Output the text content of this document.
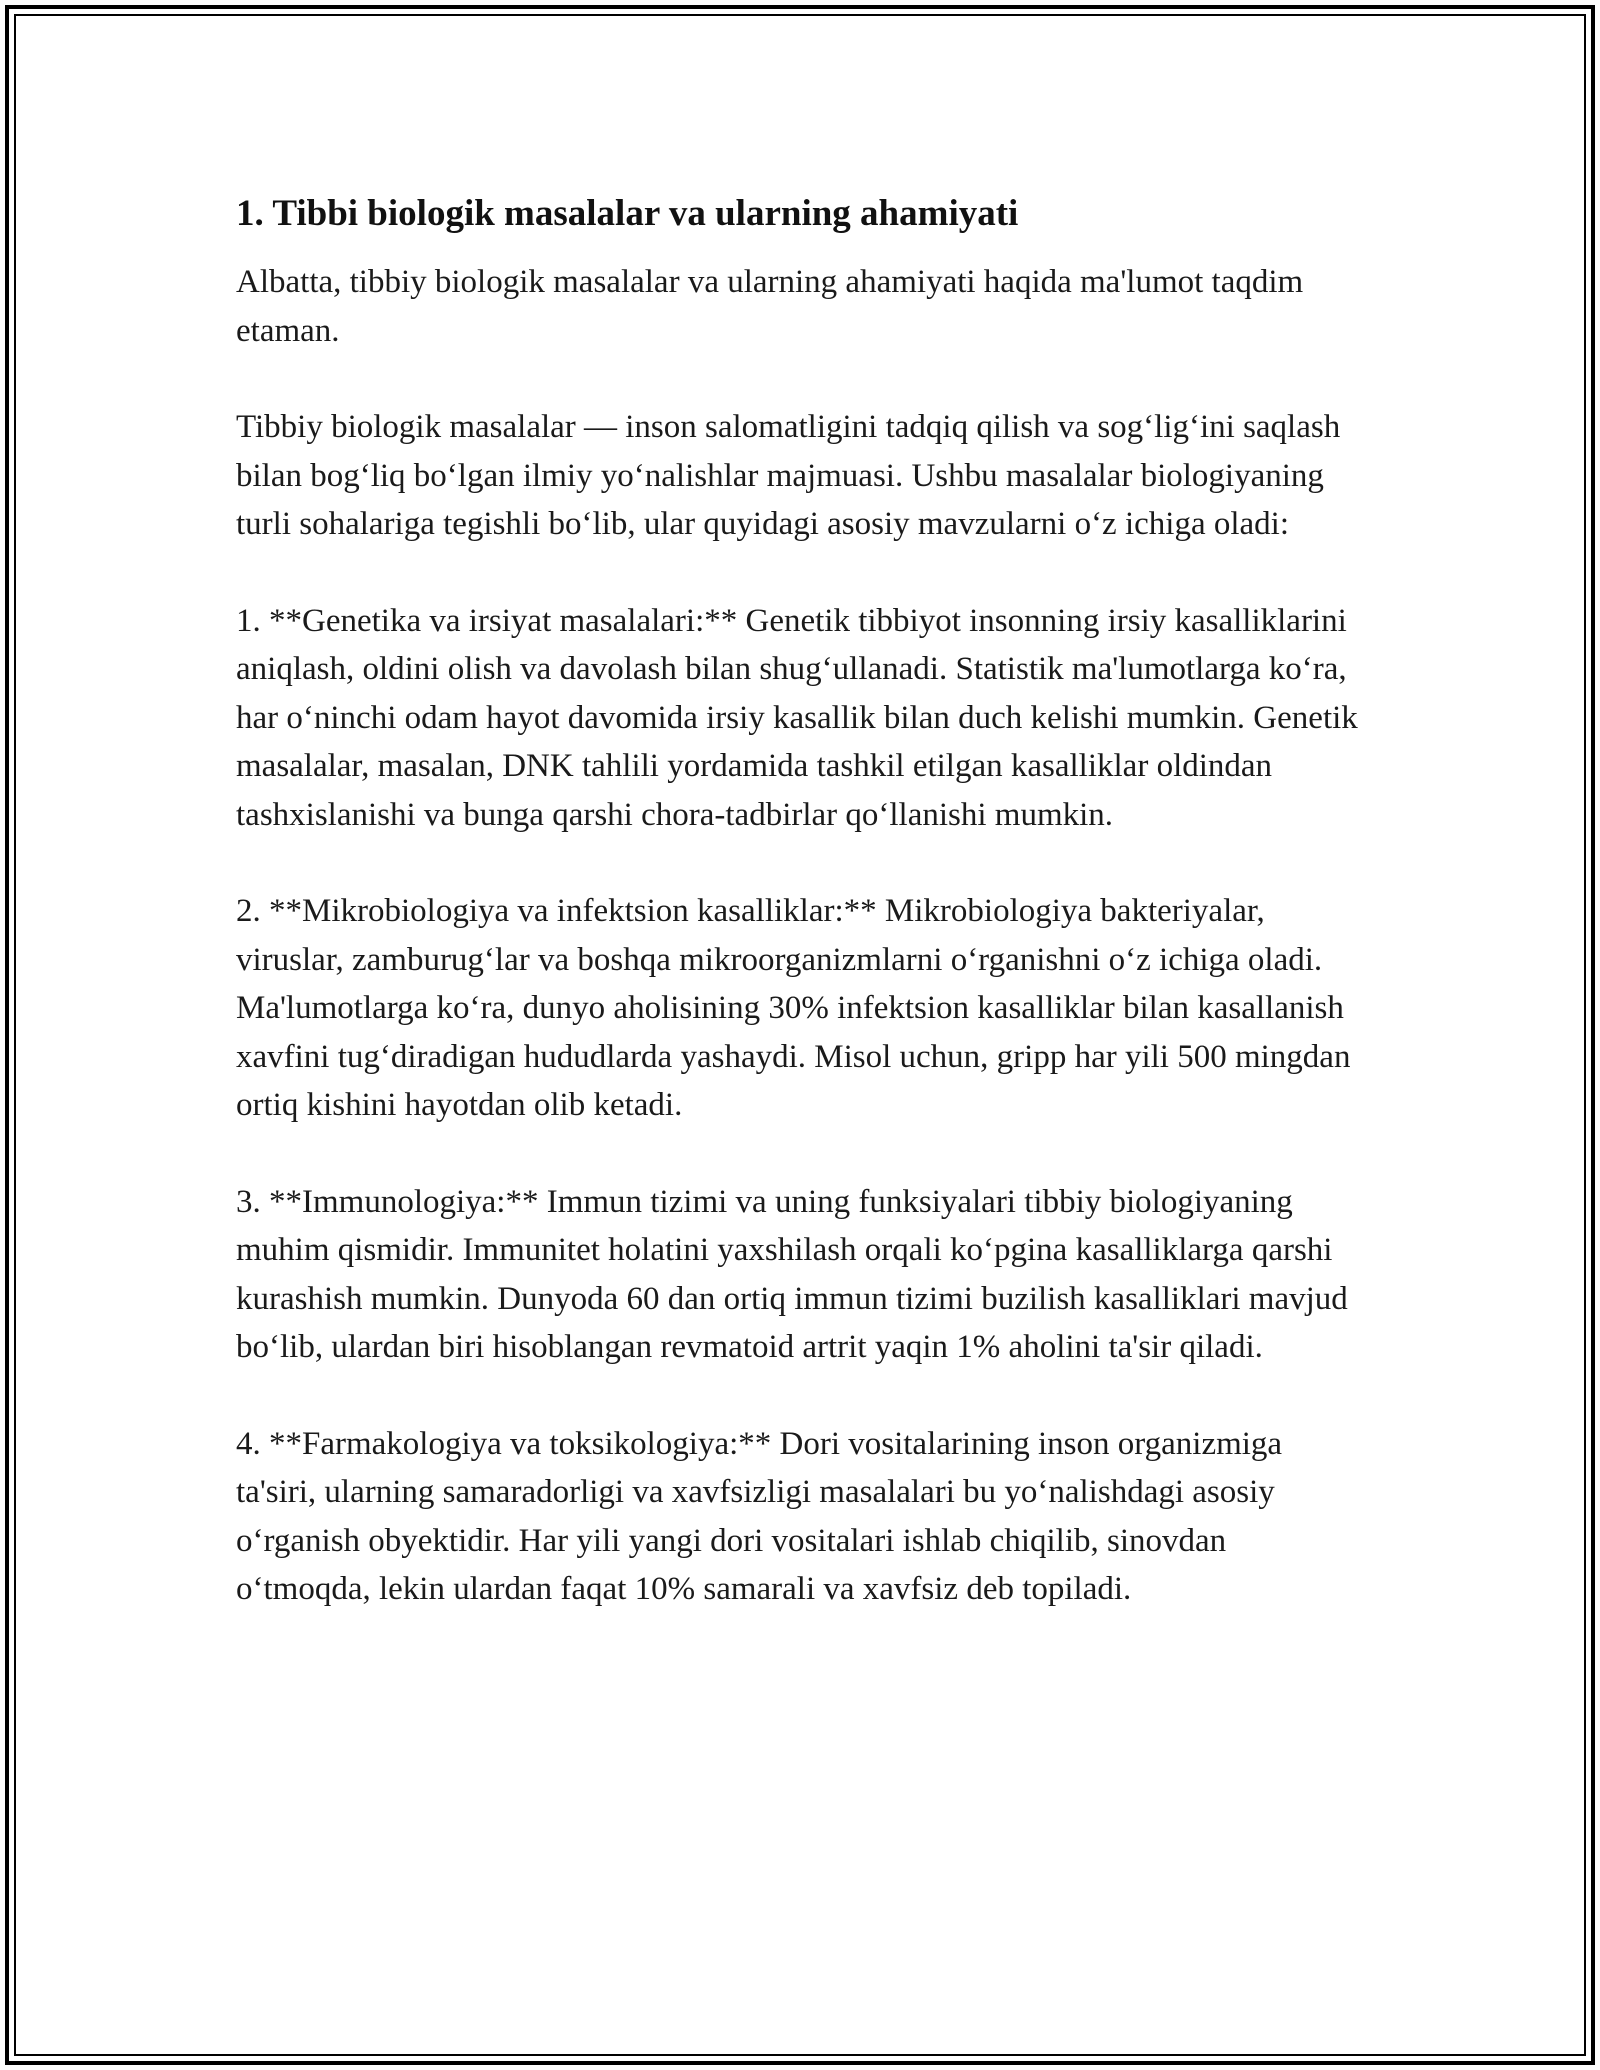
1. Tibbi biologik masalalar va ularning ahamiyati

Albatta, tibbiy biologik masalalar va ularning ahamiyati haqida ma'lumot taqdim etaman.

Tibbiy biologik masalalar — inson salomatligini tadqiq qilish va sog‘lig‘ini saqlash bilan bog‘liq bo‘lgan ilmiy yo‘nalishlar majmuasi. Ushbu masalalar biologiyaning turli sohalariga tegishli bo‘lib, ular quyidagi asosiy mavzularni o‘z ichiga oladi:

1. **Genetika va irsiyat masalalari:** Genetik tibbiyot insonning irsiy kasalliklarini aniqlash, oldini olish va davolash bilan shug‘ullanadi. Statistik ma'lumotlarga ko‘ra, har o‘ninchi odam hayot davomida irsiy kasallik bilan duch kelishi mumkin. Genetik masalalar, masalan, DNK tahlili yordamida tashkil etilgan kasalliklar oldindan tashxislanishi va bunga qarshi chora-tadbirlar qo‘llanishi mumkin.

2. **Mikrobiologiya va infektsion kasalliklar:** Mikrobiologiya bakteriyalar, viruslar, zamburug‘lar va boshqa mikroorganizmlarni o‘rganishni o‘z ichiga oladi. Ma'lumotlarga ko‘ra, dunyo aholisining 30% infektsion kasalliklar bilan kasallanish xavfini tug‘diradigan hududlarda yashaydi. Misol uchun, gripp har yili 500 mingdan ortiq kishini hayotdan olib ketadi.

3. **Immunologiya:** Immun tizimi va uning funksiyalari tibbiy biologiyaning muhim qismidir. Immunitet holatini yaxshilash orqali ko‘pgina kasalliklarga qarshi kurashish mumkin. Dunyoda 60 dan ortiq immun tizimi buzilish kasalliklari mavjud bo‘lib, ulardan biri hisoblangan revmatoid artrit yaqin 1% aholini ta'sir qiladi.

4. **Farmakologiya va toksikologiya:** Dori vositalarining inson organizmiga ta'siri, ularning samaradorligi va xavfsizligi masalalari bu yo‘nalishdagi asosiy o‘rganish obyektidir. Har yili yangi dori vositalari ishlab chiqilib, sinovdan o‘tmoqda, lekin ulardan faqat 10% samarali va xavfsiz deb topiladi.
